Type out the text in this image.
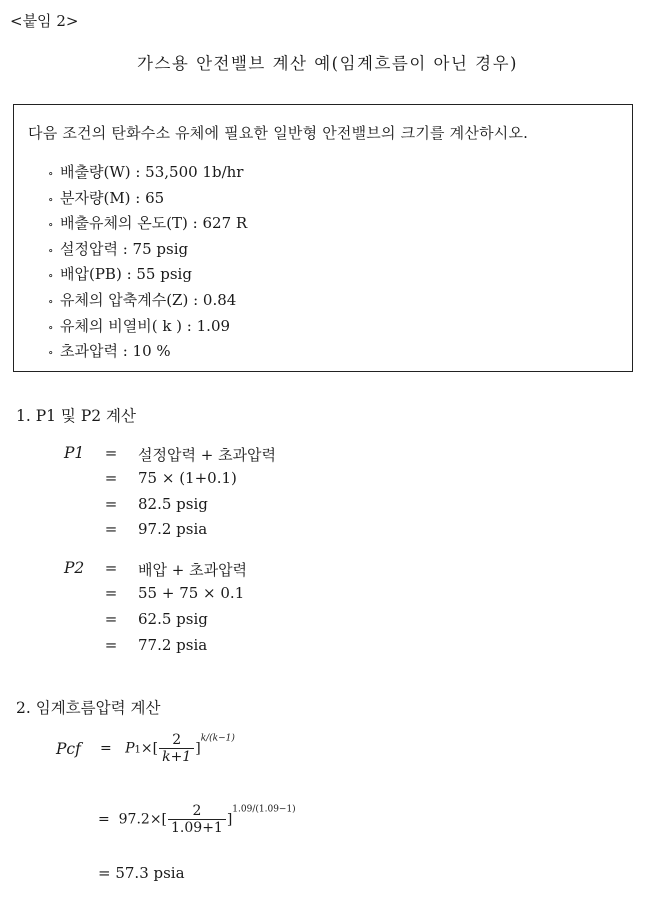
<붙임 2>
가스용 안전밸브 계산 예(임계흐름이 아닌 경우)
다음 조건의 탄화수소 유체에 필요한 일반형 안전밸브의 크기를 계산하시오.
∘ 배출량(W) : 53,500 1b/hr
∘ 분자량(M) : 65
∘ 배출유체의 온도(T) : 627 R
∘ 설정압력 : 75 psig
∘ 배압(PB) : 55 psig
∘ 유체의 압축계수(Z) : 0.84
∘ 유체의 비열비( k ) : 1.09
∘ 초과압력 : 10 %
1. P1 및 P2 계산
P1 = 설정압력 + 초과압력
= 75 × (1+0.1)
= 82.5 psig
= 97.2 psia
P2 = 배압 + 초과압력
= 55 + 75 × 0.1
= 62.5 psig
= 77.2 psia
2. 임계흐름압력 계산
Pcf = $P1\times[ \frac{2}{k+1} ]^{k/(k-1)}$
= $97.2\times[ \frac{2}{1.09+1} ]^{1.09/(1.09-1)}$
= 57.3 psia
